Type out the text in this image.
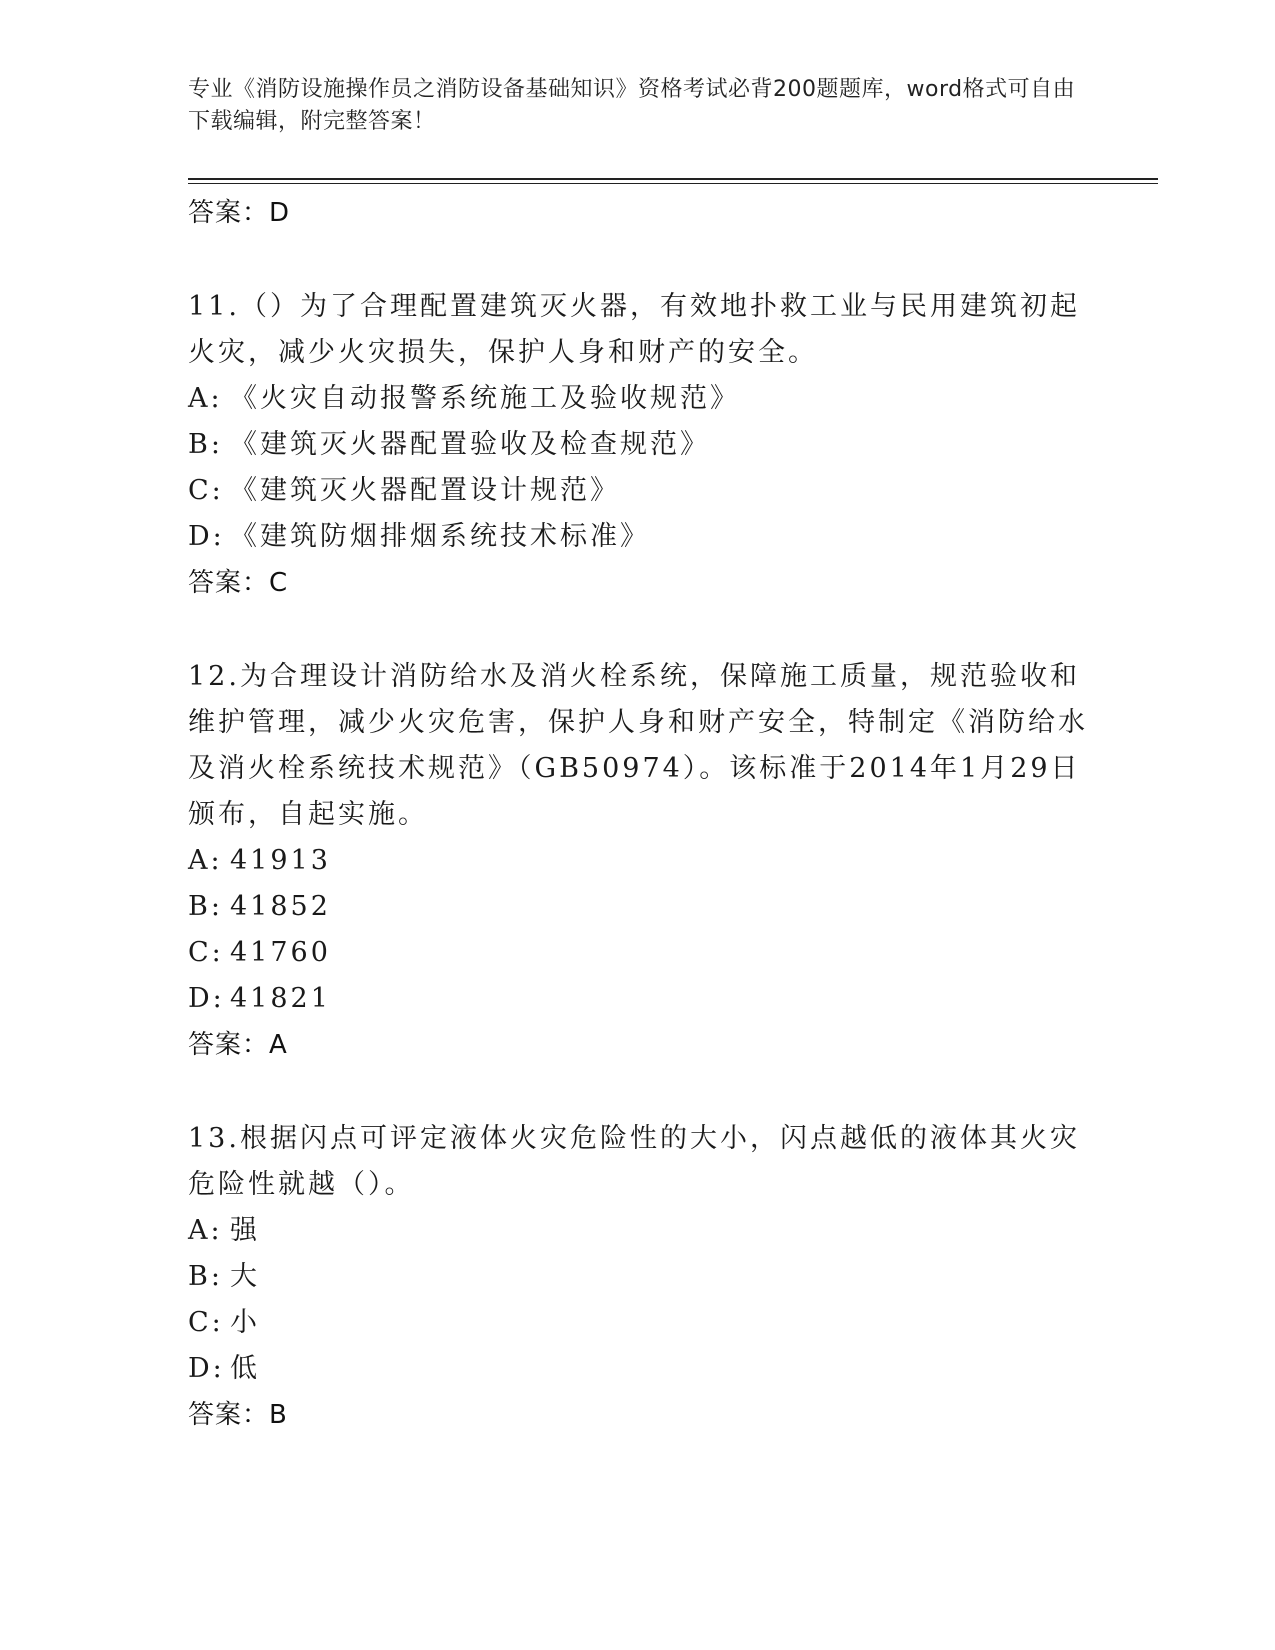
专业《消防设施操作员之消防设备基础知识》资格考试必背200题题库，word格式可自由下载编辑，附完整答案！
答案：D

11.（）为了合理配置建筑灭火器，有效地扑救工业与民用建筑初起火灾，减少火灾损失，保护人身和财产的安全。

A: 《火灾自动报警系统施工及验收规范》
B: 《建筑灭火器配置验收及检查规范》
C: 《建筑灭火器配置设计规范》
D: 《建筑防烟排烟系统技术标准》
答案：C

12.为合理设计消防给水及消火栓系统，保障施工质量，规范验收和维护管理，减少火灾危害，保护人身和财产安全，特制定《消防给水及消火栓系统技术规范》（GB50974）。该标准于2014年1月29日颁布，自起实施。

A: 41913
B: 41852
C: 41760
D: 41821
答案：A

13.根据闪点可评定液体火灾危险性的大小，闪点越低的液体其火灾危险性就越（）。

A: 强
B: 大
C: 小
D: 低
答案：B
